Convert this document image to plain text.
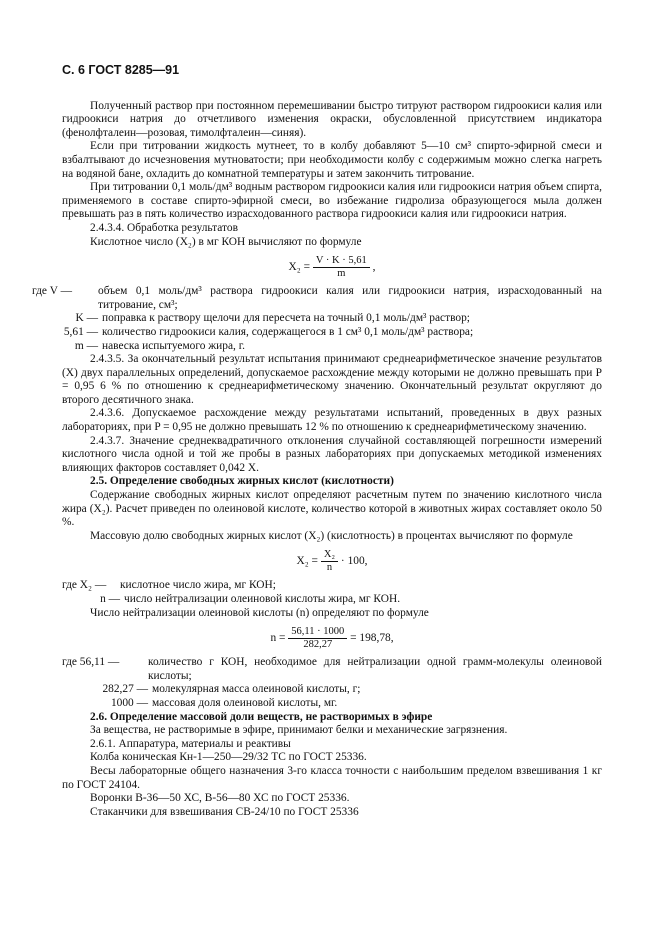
С. 6 ГОСТ 8285—91

Полученный раствор при постоянном перемешивании быстро титруют раствором гидроокиси калия или гидроокиси натрия до отчетливого изменения окраски, обусловленной присутствием индикатора (фенолфталеин—розовая, тимолфталеин—синяя).

Если при титровании жидкость мутнеет, то в колбу добавляют 5—10 см³ спирто-эфирной смеси и взбалтывают до исчезновения мутноватости; при необходимости колбу с содержимым можно слегка нагреть на водяной бане, охладить до комнатной температуры и затем закончить титрование.

При титровании 0,1 моль/дм³ водным раствором гидроокиси калия или гидроокиси натрия объем спирта, применяемого в составе спирто-эфирной смеси, во избежание гидролиза образующегося мыла должен превышать раз в пять количество израсходованного раствора гидроокиси калия или гидроокиси натрия.

2.4.3.4. Обработка результатов

Кислотное число (X₂) в мг КОН вычисляют по формуле

$X_2 = \frac{V \cdot K \cdot 5,61}{m}$ ,
где V —	объем 0,1 моль/дм³ раствора гидроокиси калия или гидроокиси натрия, израсходованный на титрование, см³;
K — поправка к раствору щелочи для пересчета на точный 0,1 моль/дм³ раствор;
5,61 — количество гидроокиси калия, содержащегося в 1 см³ 0,1 моль/дм³ раствора;
m — навеска испытуемого жира, г.

2.4.3.5. За окончательный результат испытания принимают среднеарифметическое значение результатов (X) двух параллельных определений, допускаемое расхождение между которыми не должно превышать при P = 0,95 6 % по отношению к среднеарифметическому значению. Окончательный результат округляют до второго десятичного знака.

2.4.3.6. Допускаемое расхождение между результатами испытаний, проведенных в двух разных лабораториях, при P = 0,95 не должно превышать 12 % по отношению к среднеарифметическому значению.

2.4.3.7. Значение среднеквадратичного отклонения случайной составляющей погрешности измерений кислотного числа одной и той же пробы в разных лабораториях при допускаемых методикой изменениях влияющих факторов составляет 0,042 X.

2.5. Определение свободных жирных кислот (кислотности)

Содержание свободных жирных кислот определяют расчетным путем по значению кислотного числа жира (X₂). Расчет приведен по олеиновой кислоте, количество которой в животных жирах составляет около 50 %.

Массовую долю свободных жирных кислот (X₂) (кислотность) в процентах вычисляют по формуле

$X_2 = \frac{\text{X₂}}{n} \cdot 100$,
где X₂ —	кислотное число жира, мг КОН;
n — число нейтрализации олеиновой кислоты жира, мг КОН.

Число нейтрализации олеиновой кислоты (n) определяют по формуле

$n = \frac{56,11 \cdot 1000}{282,27} = 198,78$,
где 56,11 —	количество г КОН, необходимое для нейтрализации одной грамм-молекулы олеиновой кислоты;
282,27 — молекулярная масса олеиновой кислоты, г;
1000 — массовая доля олеиновой кислоты, мг.

2.6. Определение массовой доли веществ, не растворимых в эфире

За вещества, не растворимые в эфире, принимают белки и механические загрязнения.

2.6.1. Аппаратура, материалы и реактивы

Колба коническая Кн-1—250—29/32 ТС по ГОСТ 25336.

Весы лабораторные общего назначения 3-го класса точности с наибольшим пределом взвешивания 1 кг по ГОСТ 24104.

Воронки В-36—50 ХС, В-56—80 ХС по ГОСТ 25336.

Стаканчики для взвешивания СВ-24/10 по ГОСТ 25336
